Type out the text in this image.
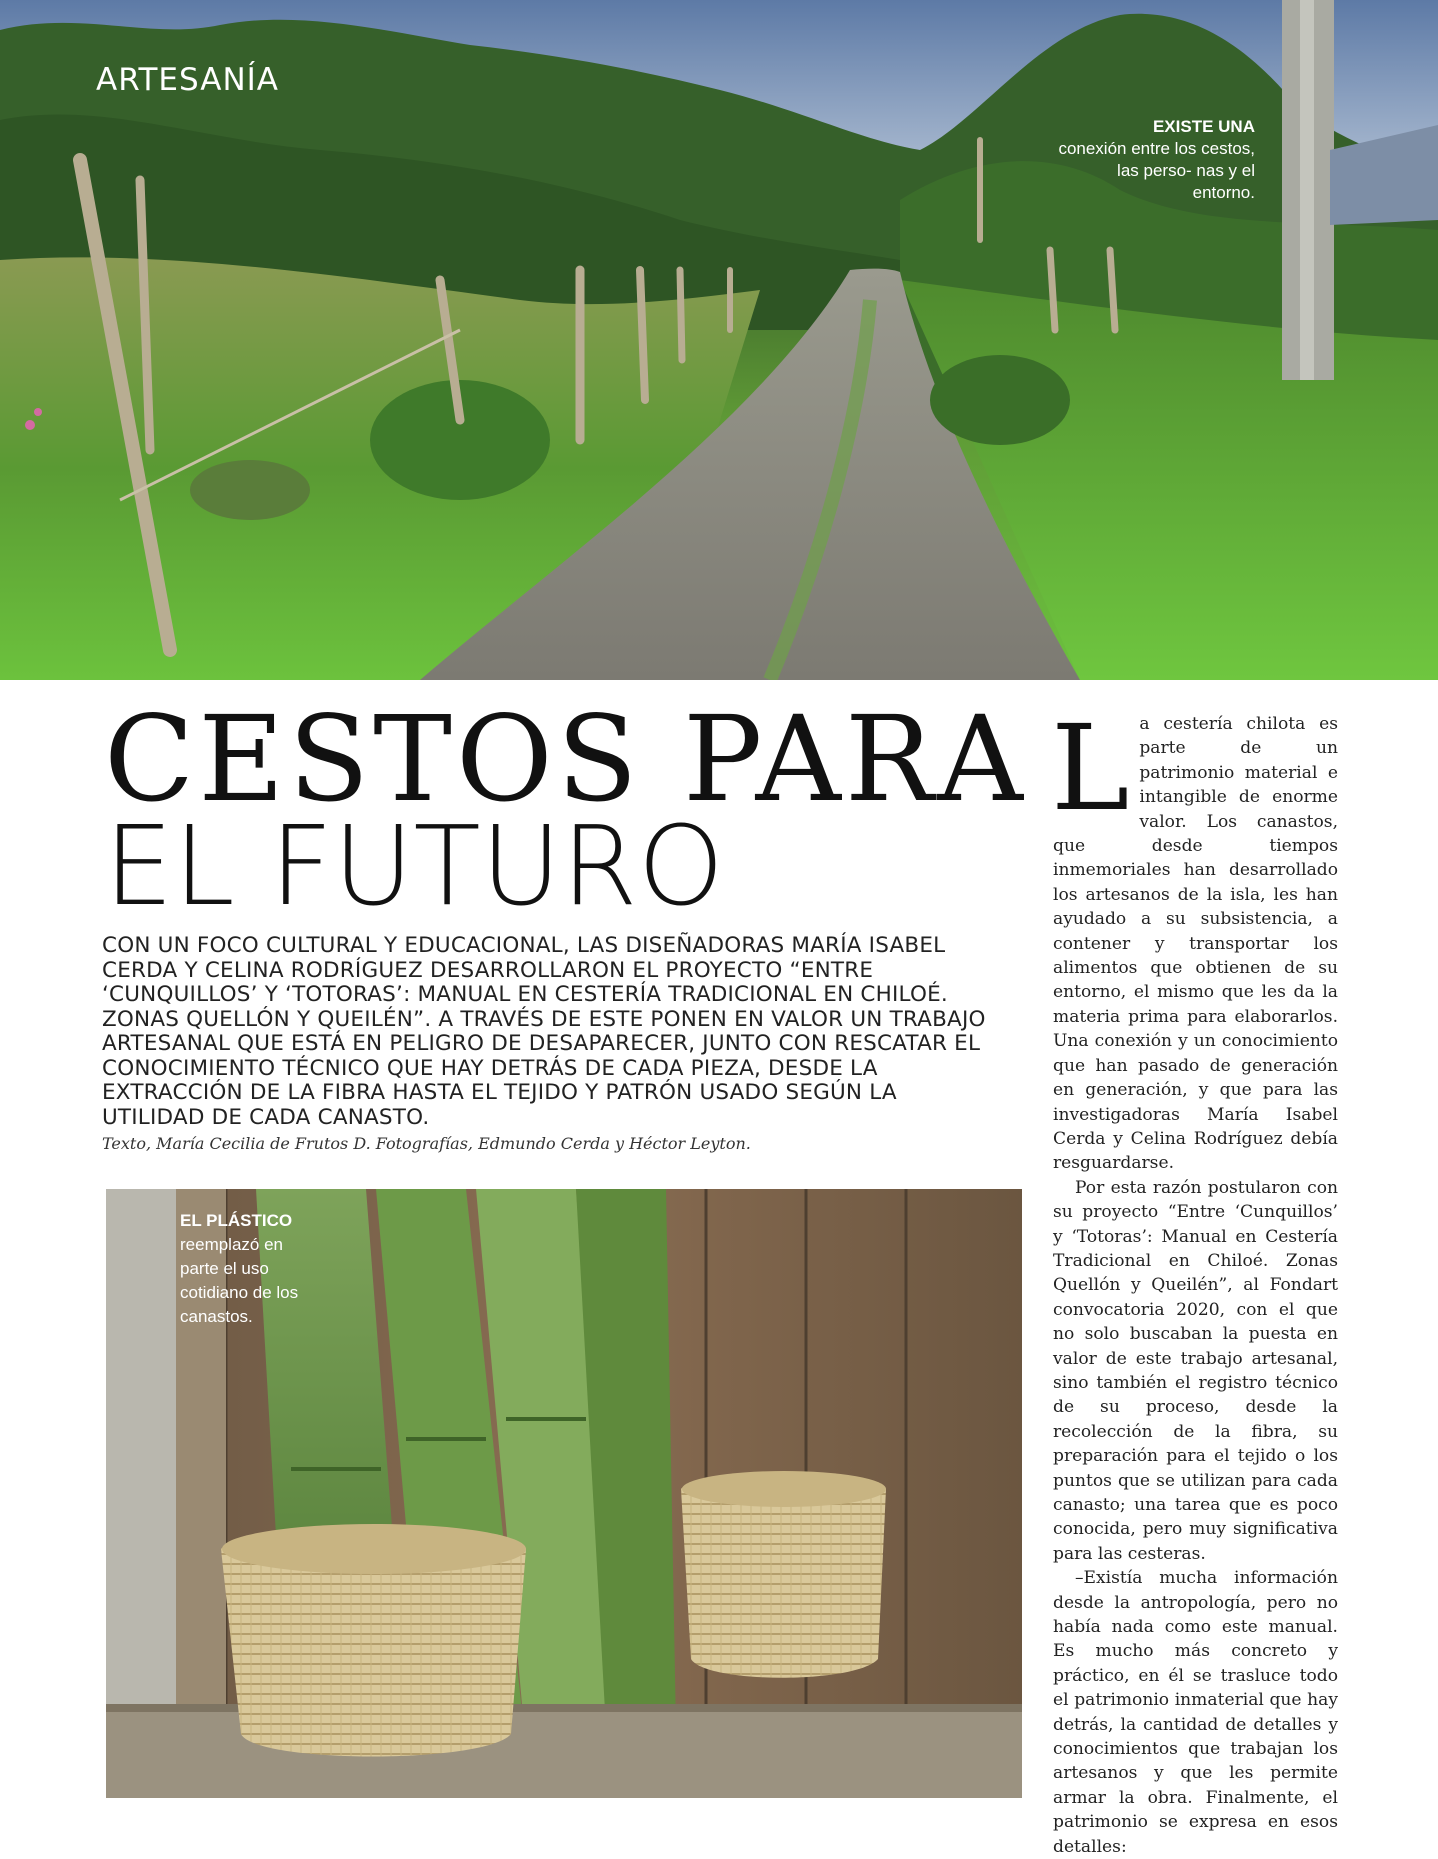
ARTESANÍA
EXISTE UNA
conexión entre los cestos, las perso- nas y el entorno.
CESTOS PARA
EL FUTURO
CON UN FOCO CULTURAL Y EDUCACIONAL, LAS DISEÑADORAS MARÍA ISABEL CERDA Y CELINA RODRÍGUEZ DESARROLLARON EL PROYECTO “ENTRE ‘CUNQUILLOS’ Y ‘TOTORAS’: MANUAL EN CESTERÍA TRADICIONAL EN CHILOÉ. ZONAS QUELLÓN Y QUEILÉN”. A TRAVÉS DE ESTE PONEN EN VALOR UN TRABAJO ARTESANAL QUE ESTÁ EN PELIGRO DE DESAPARECER, JUNTO CON RESCATAR EL CONOCIMIENTO TÉCNICO QUE HAY DETRÁS DE CADA PIEZA, DESDE LA EXTRACCIÓN DE LA FIBRA HASTA EL TEJIDO Y PATRÓN USADO SEGÚN LA UTILIDAD DE CADA CANASTO.
Texto, María Cecilia de Frutos D. Fotografías, Edmundo Cerda y Héctor Leyton.
EL PLÁSTICO
reemplazó en parte el uso cotidiano de los canastos.

L a cestería chilota es parte de un patrimonio material e intangible de enorme valor. Los canastos, que desde tiempos inmemoriales han desarrollado los artesanos de la isla, les han ayudado a su subsistencia, a contener y transportar los alimentos que obtienen de su entorno, el mismo que les da la materia prima para elaborarlos. Una conexión y un conocimiento que han pasado de generación en generación, y que para las investigadoras María Isabel Cerda y Celina Rodríguez debía resguardarse.

Por esta razón postularon con su proyecto “Entre ‘Cunquillos’ y ‘Totoras’: Manual en Cestería Tradicional en Chiloé. Zonas Quellón y Queilén”, al Fondart convocatoria 2020, con el que no solo buscaban la puesta en valor de este trabajo artesanal, sino también el registro técnico de su proceso, desde la recolección de la fibra, su preparación para el tejido o los puntos que se utilizan para cada canasto; una tarea que es poco conocida, pero muy significativa para las cesteras.

–Existía mucha información desde la antropología, pero no había nada como este manual. Es mucho más concreto y práctico, en él se trasluce todo el patrimonio inmaterial que hay detrás, la cantidad de detalles y conocimientos que trabajan los artesanos y que les permite armar la obra. Finalmente, el patrimonio se expresa en esos detalles:
